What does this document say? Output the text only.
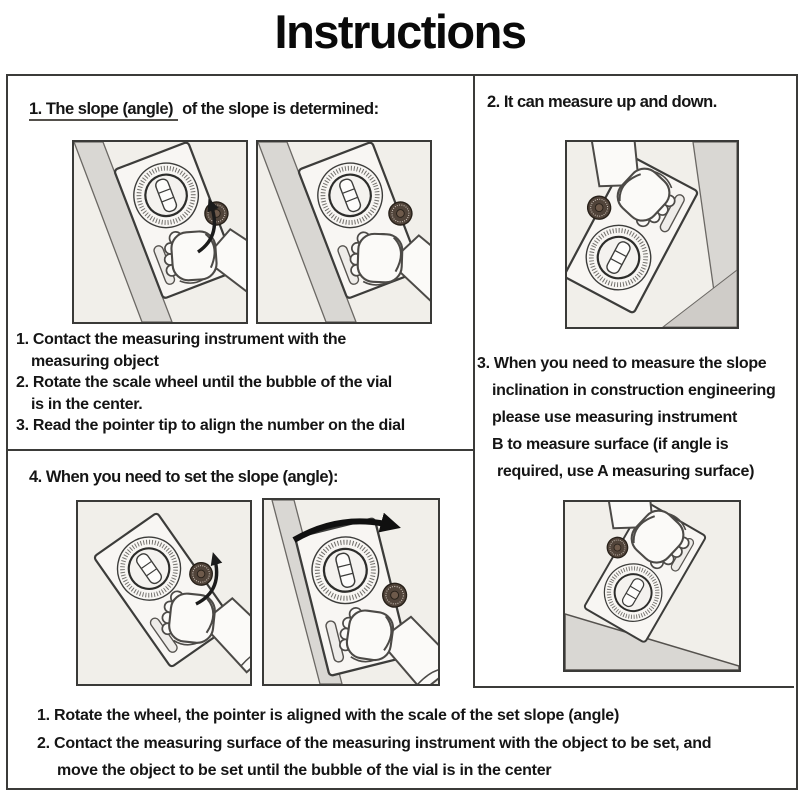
Instructions
1. The slope (angle) of the slope is determined:
1. Contact the measuring instrument with the
measuring object
2. Rotate the scale wheel until the bubble of the vial
is in the center.
3. Read the pointer tip to align the number on the dial
2. It can measure up and down.
3. When you need to measure the slope
inclination in construction engineering
please use measuring instrument
B to measure surface (if angle is
required, use A measuring surface)
4. When you need to set the slope (angle):
1. Rotate the wheel, the pointer is aligned with the scale of the set slope (angle)
2. Contact the measuring surface of the measuring instrument with the object to be set, and
move the object to be set until the bubble of the vial is in the center
